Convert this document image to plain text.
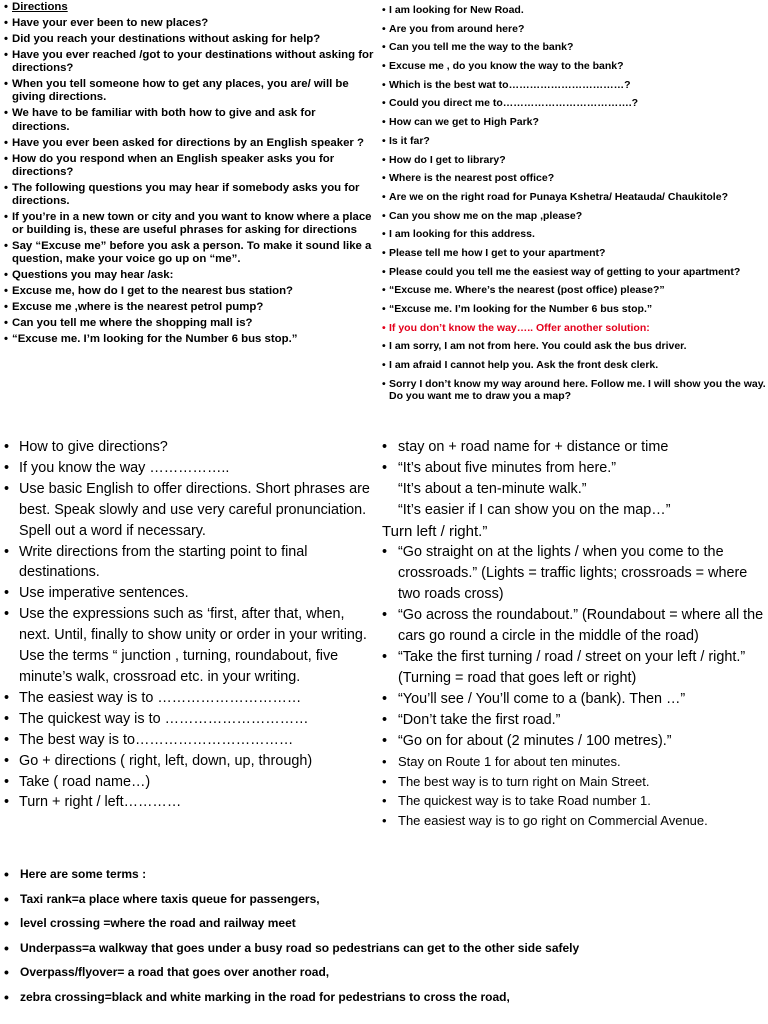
• Directions
• Have your ever been to new places?
• Did you reach your destinations without asking for help?
• Have you ever reached /got to your destinations without asking for directions?
• When you tell someone how to get any places, you are/ will be giving directions.
• We have to be familiar with both how to give and ask for directions.
• Have you ever been asked for directions by an English speaker ?
• How do you respond when an English speaker asks you for directions?
• The following questions you may hear if somebody asks you for directions.
• If you’re in a new town or city and you want to know where a place or building is, these are useful phrases for asking for directions
• Say “Excuse me” before you ask a person. To make it sound like a question, make your voice go up on “me”.
• Questions you may hear /ask:
• Excuse me, how do I get to the nearest bus station?
• Excuse me ,where is the nearest petrol pump?
• Can you tell me where the shopping mall is?
• “Excuse me. I’m looking for the Number 6 bus stop.”
• I am looking for New Road.
• Are you from around here?
• Can you tell me the way to the bank?
• Excuse me , do you know the way to the bank?
• Which is the best wat to……………………………?
• Could you direct me to……………………………….?
• How can we get to High Park?
• Is it far?
• How do I get to library?
• Where is the nearest post office?
• Are we on the right road for Punaya Kshetra/ Heatauda/ Chaukitole?
• Can you show me on the map ,please?
• I am looking for this address.
• Please tell me how I get to your apartment?
• Please could you tell me the easiest way of getting to your apartment?
• “Excuse me. Where’s the nearest (post office) please?”
• “Excuse me. I’m looking for the Number 6 bus stop.”
• If you don’t know the way….. Offer another solution:
• I am sorry, I am not from here. You could ask the bus driver.
• I am afraid I cannot help you. Ask the front desk clerk.
• Sorry I don’t know my way around here. Follow me. I will show you the way. Do you want me to draw you a map?
• How to give directions?
• If you know the way ……………..
• Use basic English to offer directions. Short phrases are best. Speak slowly and use very careful pronunciation. Spell out a word if necessary.
• Write directions from the starting point to final destinations.
• Use imperative sentences.
• Use the expressions such as ‘first, after that, when, next. Until, finally to show unity or order in your writing. Use the terms “ junction , turning, roundabout, five minute’s walk, crossroad etc. in your writing.
• The easiest way is to …………………………
• The quickest way is to …………………………
• The best way is to……………………………
• Go + directions ( right, left, down, up, through)
• Take ( road name…)
• Turn + right / left…………
• stay on + road name for + distance or time
• “It’s about five minutes from here.”
“It’s about a ten-minute walk.”
“It’s easier if I can show you on the map…”
Turn left / right.”
• “Go straight on at the lights / when you come to the crossroads.” (Lights = traffic lights; crossroads = where two roads cross)
• “Go across the roundabout.” (Roundabout = where all the cars go round a circle in the middle of the road)
• “Take the first turning / road / street on your left / right.” (Turning = road that goes left or right)
• “You’ll see / You’ll come to a (bank). Then …”
• “Don’t take the first road.”
• “Go on for about (2 minutes / 100 metres).”
• Stay on Route 1 for about ten minutes.
• The best way is to turn right on Main Street.
• The quickest way is to take Road number 1.
• The easiest way is to go right on Commercial Avenue.
• Here are some terms :
• Taxi rank=a place where taxis queue for passengers,
• level crossing =where the road and railway meet
• Underpass=a walkway that goes under a busy road so pedestrians can get to the other side safely
• Overpass/flyover= a road that goes over another road,
• zebra crossing=black and white marking in the road for pedestrians to cross the road,
